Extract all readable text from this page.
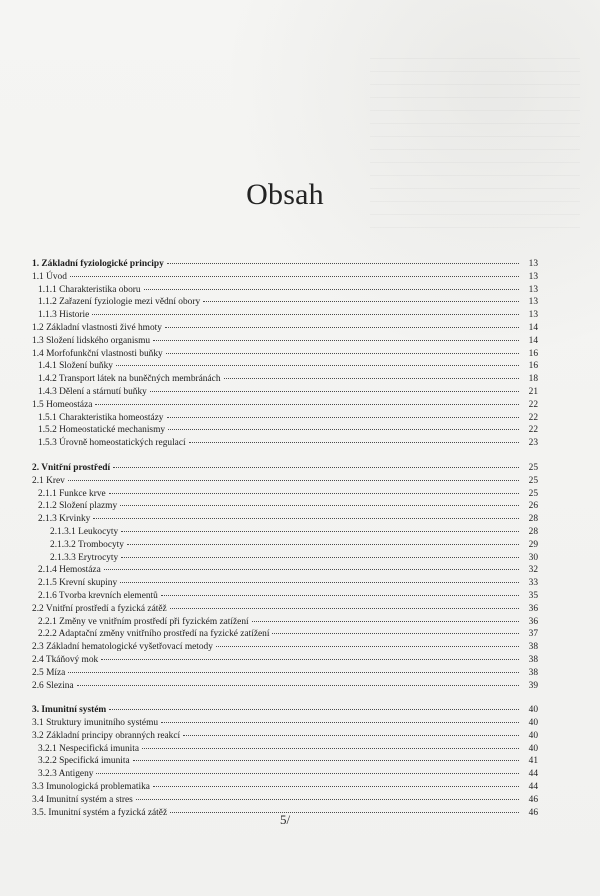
Obsah
1. Základní fyziologické principy	13
1.1 Úvod	13
1.1.1 Charakteristika oboru	13
1.1.2 Zařazení fyziologie mezi vědní obory	13
1.1.3 Historie	13
1.2 Základní vlastnosti živé hmoty	14
1.3 Složení lidského organismu	14
1.4 Morfofunkční vlastnosti buňky	16
1.4.1 Složení buňky	16
1.4.2 Transport látek na buněčných membránách	18
1.4.3 Dělení a stárnutí buňky	21
1.5 Homeostáza	22
1.5.1 Charakteristika homeostázy	22
1.5.2 Homeostatické mechanismy	22
1.5.3 Úrovně homeostatických regulací	23
2. Vnitřní prostředí	25
2.1 Krev	25
2.1.1 Funkce krve	25
2.1.2 Složení plazmy	26
2.1.3 Krvinky	28
2.1.3.1 Leukocyty	28
2.1.3.2 Trombocyty	29
2.1.3.3 Erytrocyty	30
2.1.4 Hemostáza	32
2.1.5 Krevní skupiny	33
2.1.6 Tvorba krevních elementů	35
2.2 Vnitřní prostředí a fyzická zátěž	36
2.2.1 Změny ve vnitřním prostředí při fyzickém zatížení	36
2.2.2 Adaptační změny vnitřního prostředí na fyzické zatížení	37
2.3 Základní hematologické vyšetřovací metody	38
2.4 Tkáňový mok	38
2.5 Míza	38
2.6 Slezina	39
3. Imunitní systém	40
3.1 Struktury imunitního systému	40
3.2 Základní principy obranných reakcí	40
3.2.1 Nespecifická imunita	40
3.2.2 Specifická imunita	41
3.2.3 Antigeny	44
3.3 Imunologická problematika	44
3.4 Imunitní systém a stres	46
3.5. Imunitní systém a fyzická zátěž	46
5/
